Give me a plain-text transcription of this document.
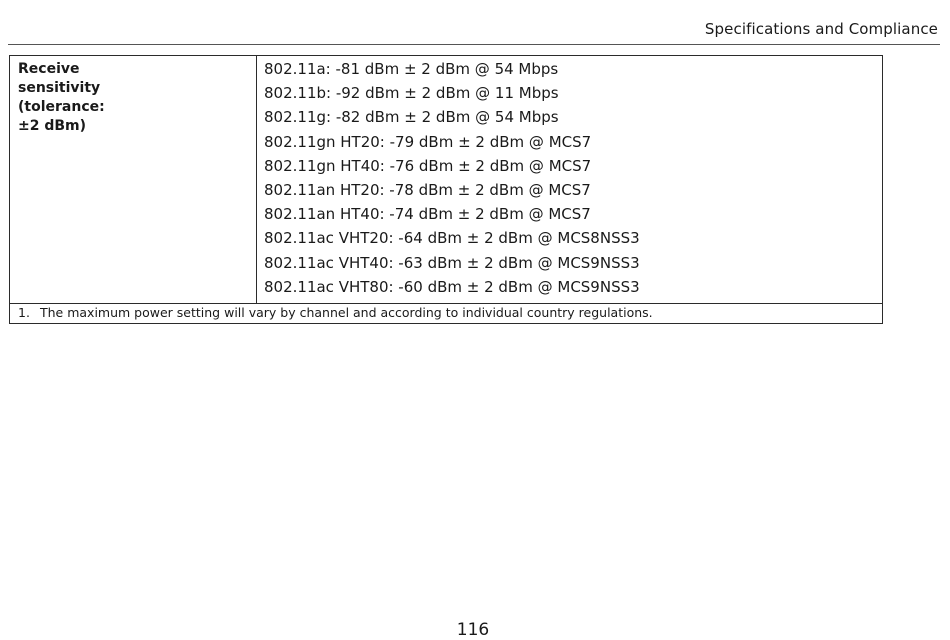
Specifications and Compliance
Receive
sensitivity
(tolerance:
±2 dBm)

802.11a: -81 dBm ± 2 dBm @ 54 Mbps
802.11b: -92 dBm ± 2 dBm @ 11 Mbps
802.11g: -82 dBm ± 2 dBm @ 54 Mbps
802.11gn HT20: -79 dBm ± 2 dBm @ MCS7
802.11gn HT40: -76 dBm ± 2 dBm @ MCS7
802.11an HT20: -78 dBm ± 2 dBm @ MCS7
802.11an HT40: -74 dBm ± 2 dBm @ MCS7
802.11ac VHT20: -64 dBm ± 2 dBm @ MCS8NSS3
802.11ac VHT40: -63 dBm ± 2 dBm @ MCS9NSS3
802.11ac VHT80: -60 dBm ± 2 dBm @ MCS9NSS3

1. The maximum power setting will vary by channel and according to individual country regulations.
116
